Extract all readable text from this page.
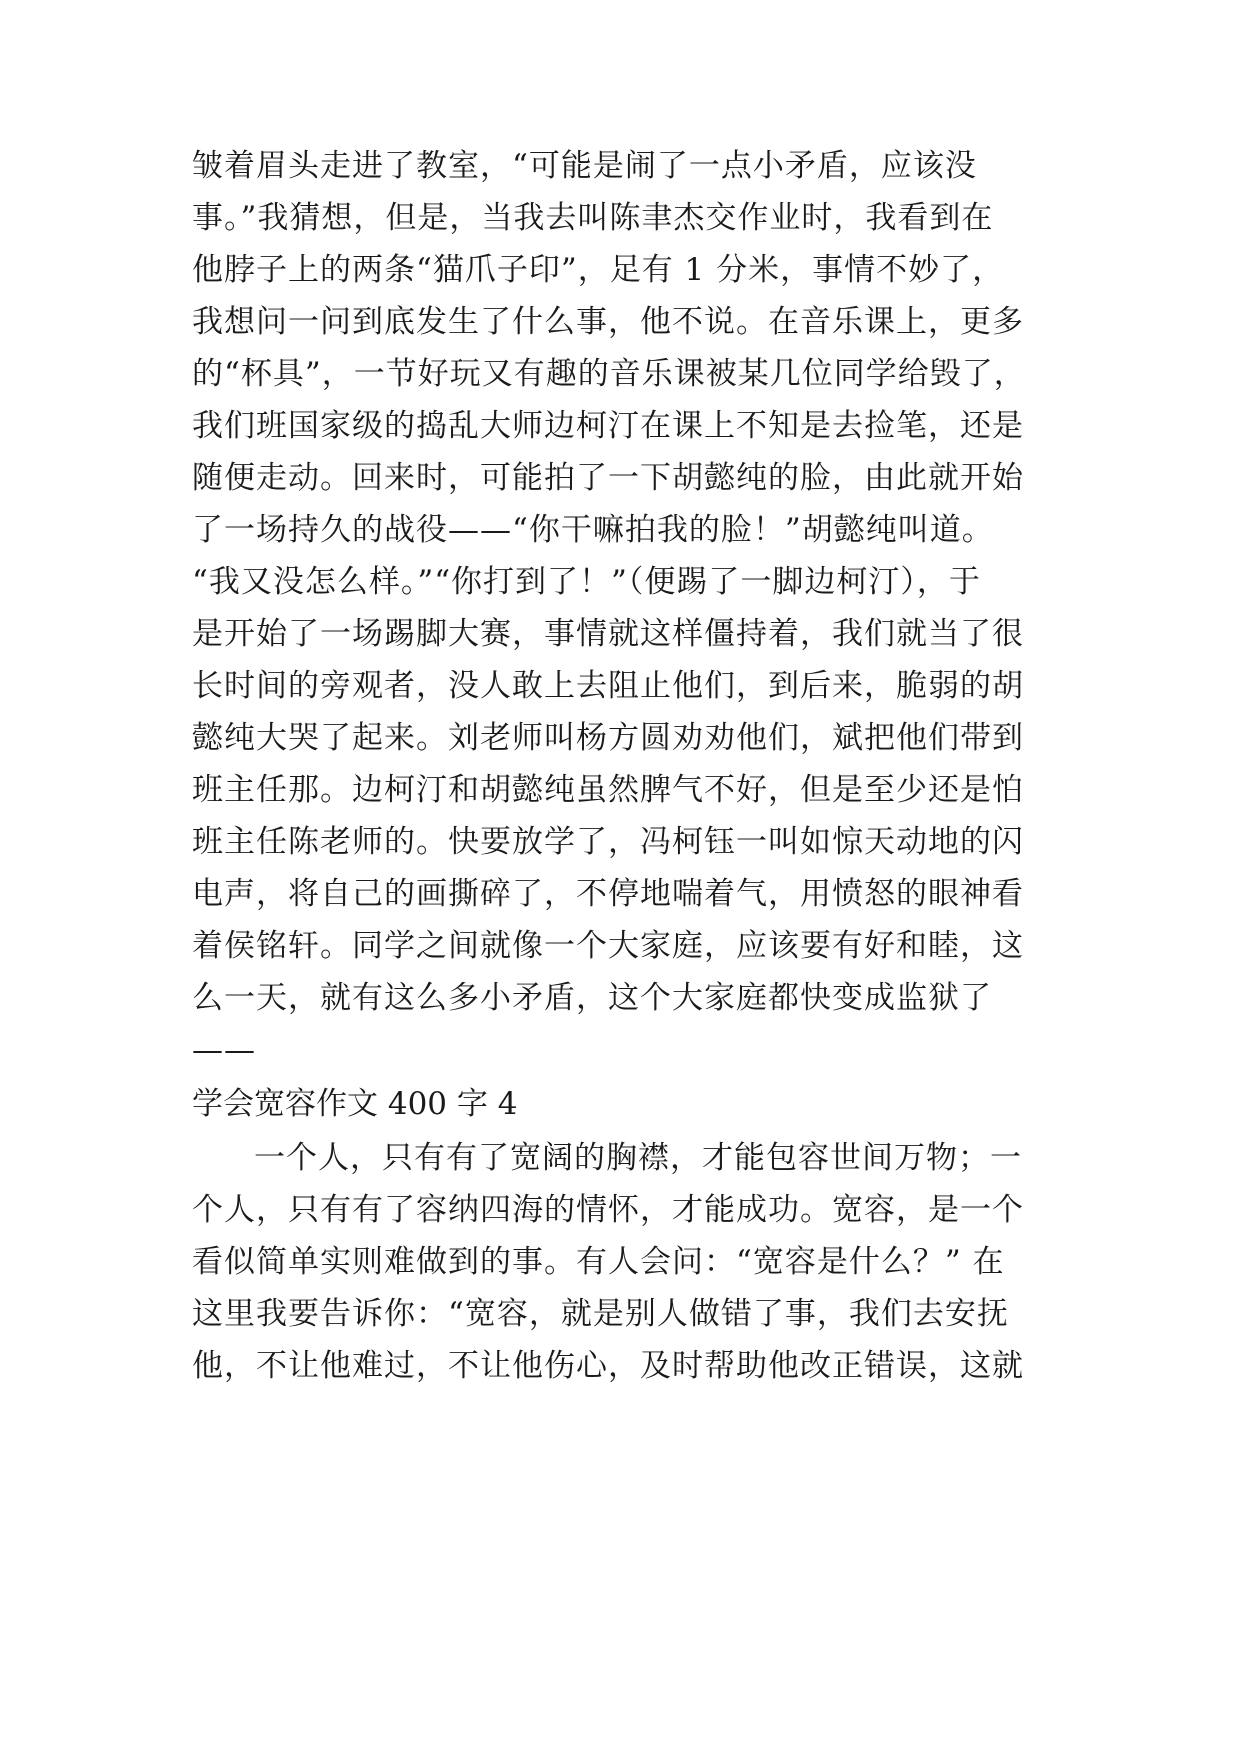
皱着眉头走进了教室，“可能是闹了一点小矛盾，应该没
事。”我猜想，但是，当我去叫陈聿杰交作业时，我看到在
他脖子上的两条“猫爪子印”，足有 1 分米，事情不妙了，
我想问一问到底发生了什么事，他不说。在音乐课上，更多
的“杯具”，一节好玩又有趣的音乐课被某几位同学给毁了，
我们班国家级的捣乱大师边柯汀在课上不知是去捡笔，还是
随便走动。回来时，可能拍了一下胡懿纯的脸，由此就开始
了一场持久的战役——“你干嘛拍我的脸！”胡懿纯叫道。
“我又没怎么样。”“你打到了！”（便踢了一脚边柯汀），于
是开始了一场踢脚大赛，事情就这样僵持着，我们就当了很
长时间的旁观者，没人敢上去阻止他们，到后来，脆弱的胡
懿纯大哭了起来。刘老师叫杨方圆劝劝他们，斌把他们带到
班主任那。边柯汀和胡懿纯虽然脾气不好，但是至少还是怕
班主任陈老师的。快要放学了，冯柯钰一叫如惊天动地的闪
电声，将自己的画撕碎了，不停地喘着气，用愤怒的眼神看
着侯铭轩。同学之间就像一个大家庭，应该要有好和睦，这
么一天，就有这么多小矛盾，这个大家庭都快变成监狱了
——
学会宽容作文 400 字 4
一个人，只有有了宽阔的胸襟，才能包容世间万物；一
个人，只有有了容纳四海的情怀，才能成功。宽容，是一个
看似简单实则难做到的事。有人会问：“宽容是什么？” 在
这里我要告诉你：“宽容，就是别人做错了事，我们去安抚
他，不让他难过，不让他伤心，及时帮助他改正错误，这就
